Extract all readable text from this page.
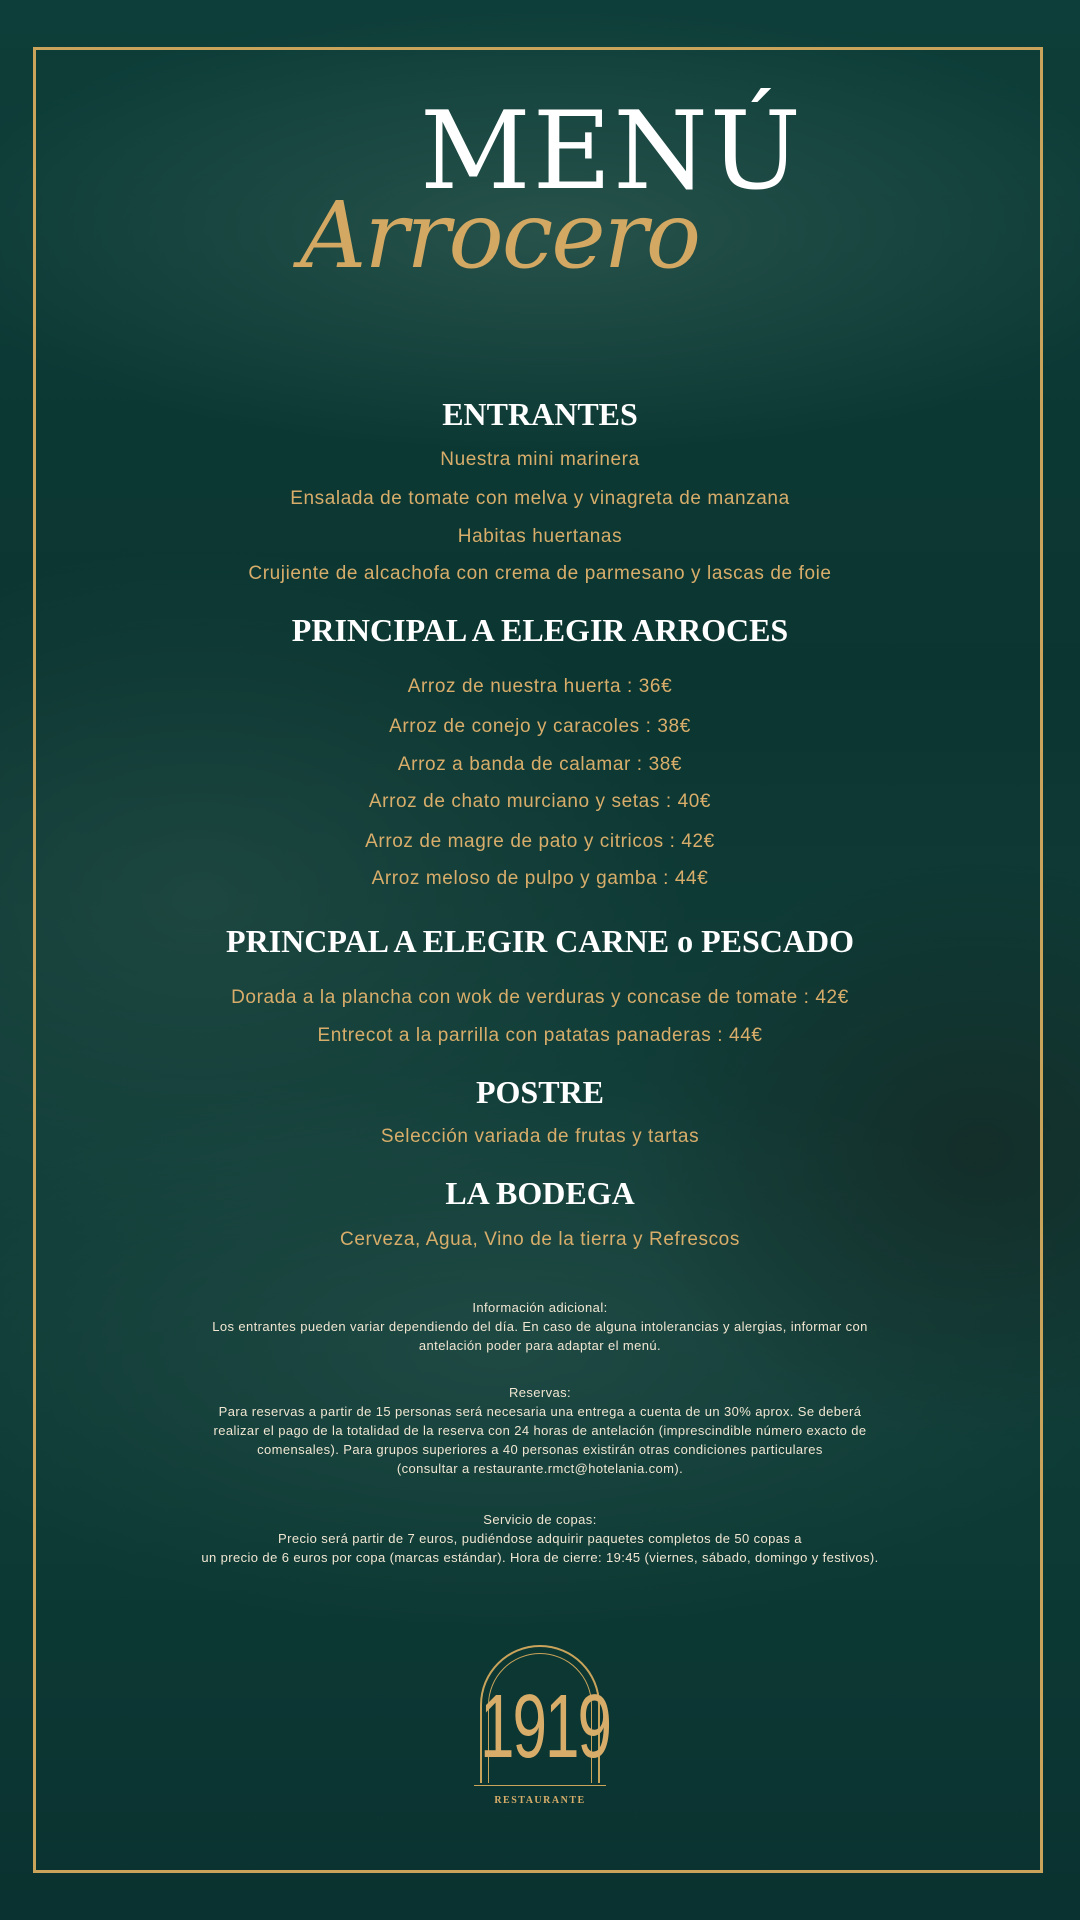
MENÚ
Arrocero
ENTRANTES
Nuestra mini marinera
Ensalada de tomate con melva y vinagreta de manzana
Habitas huertanas
Crujiente de alcachofa con crema de parmesano y lascas de foie
PRINCIPAL A ELEGIR ARROCES
Arroz de nuestra huerta : 36€
Arroz de conejo y caracoles : 38€
Arroz a banda de calamar : 38€
Arroz de chato murciano y setas : 40€
Arroz de magre de pato y citricos : 42€
Arroz meloso de pulpo y gamba : 44€
PRINCPAL A ELEGIR CARNE o PESCADO
Dorada a la plancha con wok de verduras y concase de tomate : 42€
Entrecot a la parrilla con patatas panaderas : 44€
POSTRE
Selección variada de frutas y tartas
LA BODEGA
Cerveza, Agua, Vino de la tierra y Refrescos
Información adicional:
Los entrantes pueden variar dependiendo del día. En caso de alguna intolerancias y alergias, informar con
antelación poder para adaptar el menú.
Reservas:
Para reservas a partir de 15 personas será necesaria una entrega a cuenta de un 30% aprox. Se deberá
realizar el pago de la totalidad de la reserva con 24 horas de antelación (imprescindible número exacto de
comensales). Para grupos superiores a 40 personas existirán otras condiciones particulares
(consultar a restaurante.rmct@hotelania.com).
Servicio de copas:
Precio será partir de 7 euros, pudiéndose adquirir paquetes completos de 50 copas a
un precio de 6 euros por copa (marcas estándar). Hora de cierre: 19:45 (viernes, sábado, domingo y festivos).
1919
RESTAURANTE
